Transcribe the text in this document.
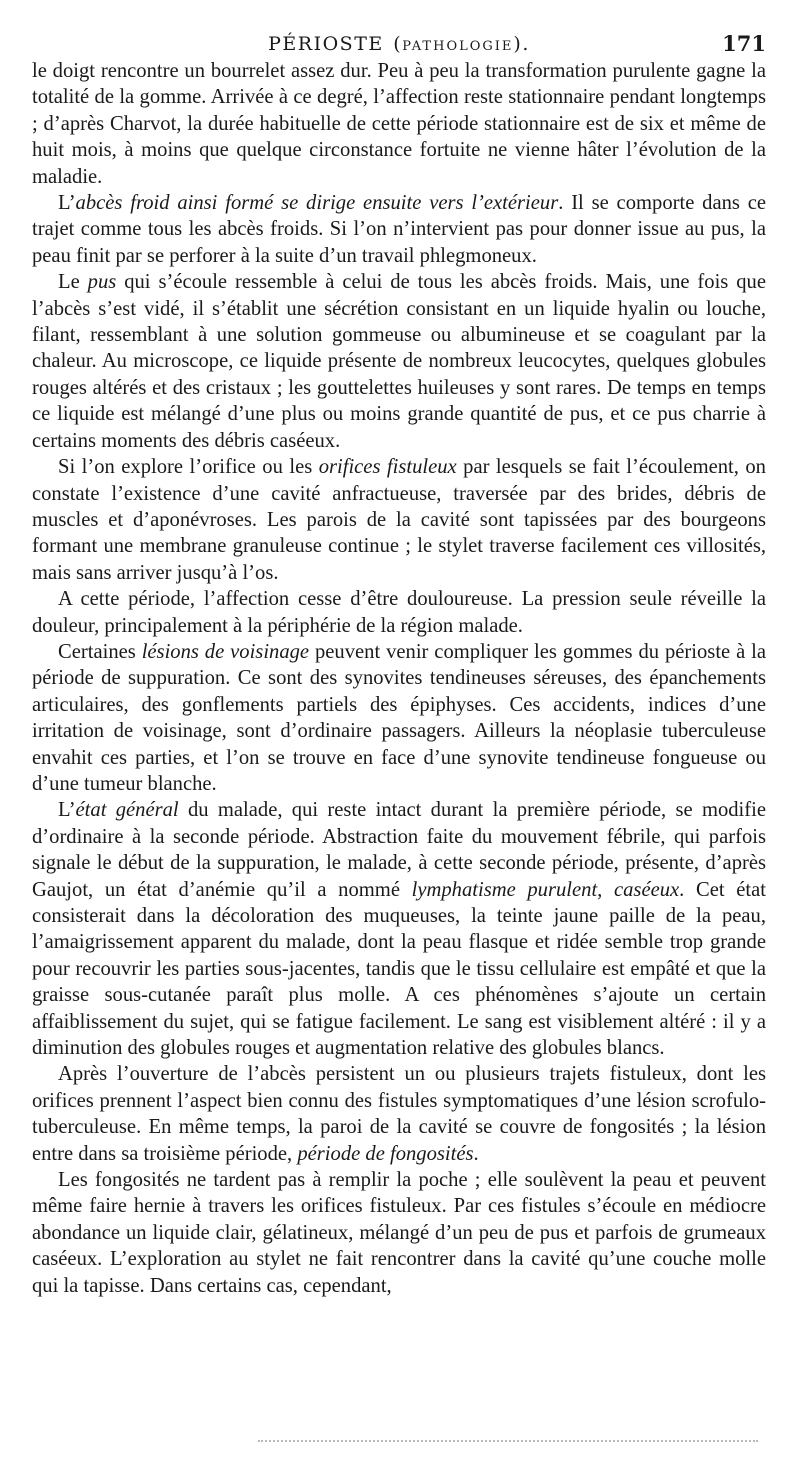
PÉRIOSTE (PATHOLOGIE).	171

le doigt rencontre un bourrelet assez dur. Peu à peu la transformation purulente gagne la totalité de la gomme. Arrivée à ce degré, l’affection reste stationnaire pendant longtemps ; d’après Charvot, la durée habituelle de cette période stationnaire est de six et même de huit mois, à moins que quelque circonstance fortuite ne vienne hâter l’évolution de la maladie.

L’abcès froid ainsi formé se dirige ensuite vers l’extérieur. Il se comporte dans ce trajet comme tous les abcès froids. Si l’on n’intervient pas pour donner issue au pus, la peau finit par se perforer à la suite d’un travail phlegmoneux.

Le pus qui s’écoule ressemble à celui de tous les abcès froids. Mais, une fois que l’abcès s’est vidé, il s’établit une sécrétion consistant en un liquide hyalin ou louche, filant, ressemblant à une solution gommeuse ou albumineuse et se coagulant par la chaleur. Au microscope, ce liquide présente de nombreux leucocytes, quelques globules rouges altérés et des cristaux ; les gouttelettes huileuses y sont rares. De temps en temps ce liquide est mélangé d’une plus ou moins grande quantité de pus, et ce pus charrie à certains moments des débris caséeux.

Si l’on explore l’orifice ou les orifices fistuleux par lesquels se fait l’écoulement, on constate l’existence d’une cavité anfractueuse, traversée par des brides, débris de muscles et d’aponévroses. Les parois de la cavité sont tapissées par des bourgeons formant une membrane granuleuse continue ; le stylet traverse facilement ces villosités, mais sans arriver jusqu’à l’os.

A cette période, l’affection cesse d’être douloureuse. La pression seule réveille la douleur, principalement à la périphérie de la région malade.

Certaines lésions de voisinage peuvent venir compliquer les gommes du périoste à la période de suppuration. Ce sont des synovites tendineuses séreuses, des épanchements articulaires, des gonflements partiels des épiphyses. Ces accidents, indices d’une irritation de voisinage, sont d’ordinaire passagers. Ailleurs la néoplasie tuberculeuse envahit ces parties, et l’on se trouve en face d’une synovite tendineuse fongueuse ou d’une tumeur blanche.

L’état général du malade, qui reste intact durant la première période, se modifie d’ordinaire à la seconde période. Abstraction faite du mouvement fébrile, qui parfois signale le début de la suppuration, le malade, à cette seconde période, présente, d’après Gaujot, un état d’anémie qu’il a nommé lymphatisme purulent, caséeux. Cet état consisterait dans la décoloration des muqueuses, la teinte jaune paille de la peau, l’amaigrissement apparent du malade, dont la peau flasque et ridée semble trop grande pour recouvrir les parties sous-jacentes, tandis que le tissu cellulaire est empâté et que la graisse sous-cutanée paraît plus molle. A ces phénomènes s’ajoute un certain affaiblissement du sujet, qui se fatigue facilement. Le sang est visiblement altéré : il y a diminution des globules rouges et augmentation relative des globules blancs.

Après l’ouverture de l’abcès persistent un ou plusieurs trajets fistuleux, dont les orifices prennent l’aspect bien connu des fistules symptomatiques d’une lésion scrofulo-tuberculeuse. En même temps, la paroi de la cavité se couvre de fongosités ; la lésion entre dans sa troisième période, période de fongosités.

Les fongosités ne tardent pas à remplir la poche ; elle soulèvent la peau et peuvent même faire hernie à travers les orifices fistuleux. Par ces fistules s’écoule en médiocre abondance un liquide clair, gélatineux, mélangé d’un peu de pus et parfois de grumeaux caséeux. L’exploration au stylet ne fait rencontrer dans la cavité qu’une couche molle qui la tapisse. Dans certains cas, cependant,
